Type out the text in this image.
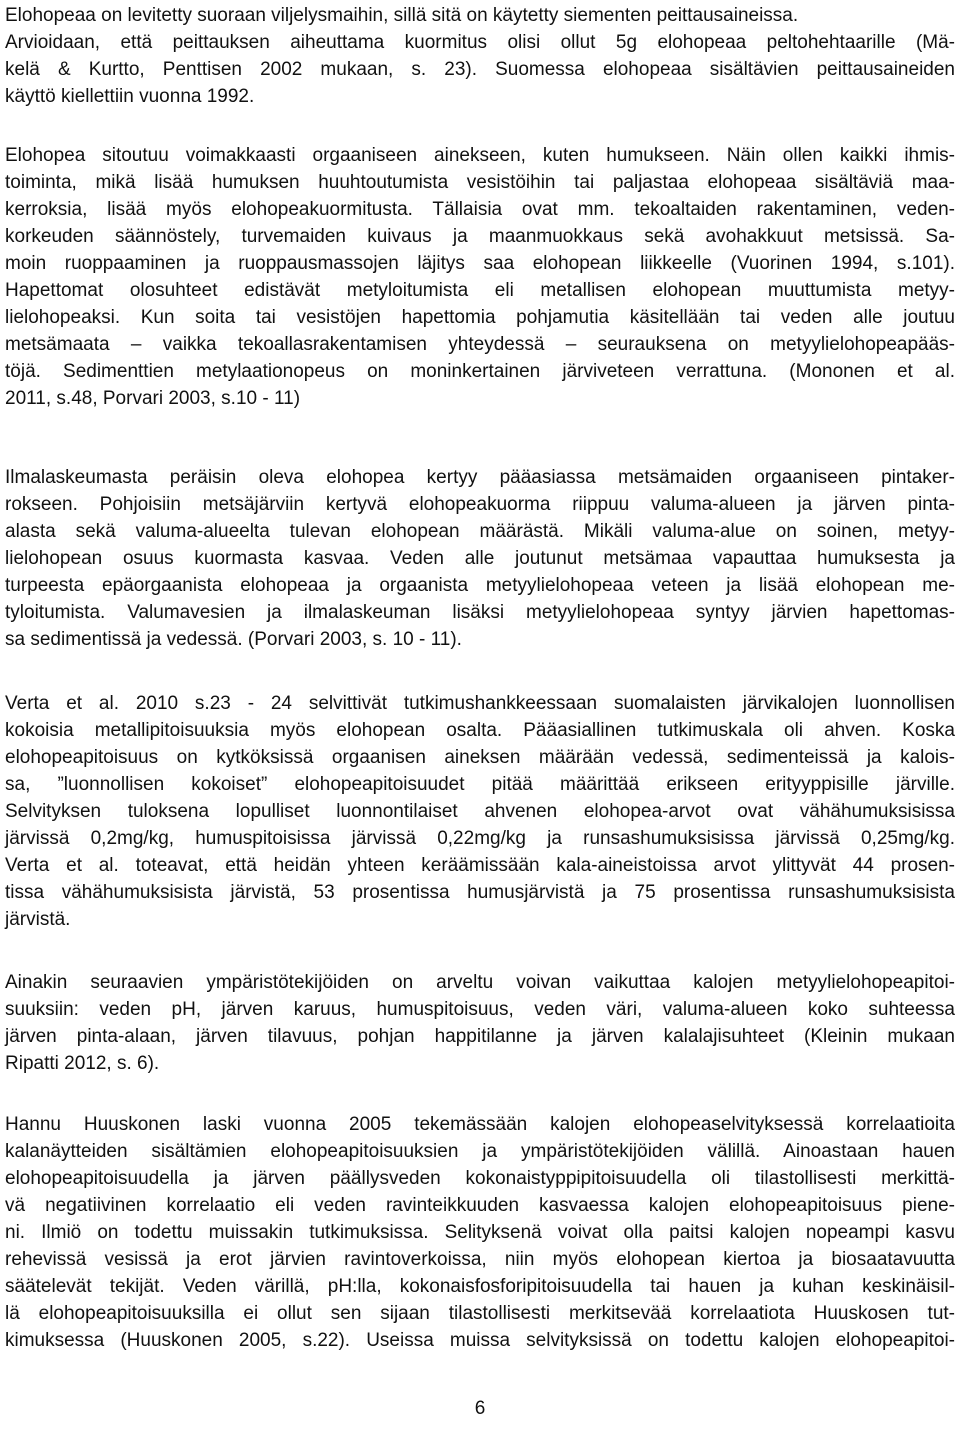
Elohopeaa on levitetty suoraan viljelysmaihin, sillä sitä on käytetty siementen peittausaineissa.
Arvioidaan, että peittauksen aiheuttama kuormitus olisi ollut 5g elohopeaa peltohehtaarille (Mä-
kelä & Kurtto, Penttisen 2002 mukaan, s. 23). Suomessa elohopeaa sisältävien peittausaineiden
käyttö kiellettiin vuonna 1992.
Elohopea sitoutuu voimakkaasti orgaaniseen ainekseen, kuten humukseen. Näin ollen kaikki ihmis-
toiminta, mikä lisää humuksen huuhtoutumista vesistöihin tai paljastaa elohopeaa sisältäviä maa-
kerroksia, lisää myös elohopeakuormitusta. Tällaisia ovat mm. tekoaltaiden rakentaminen, veden-
korkeuden säännöstely, turvemaiden kuivaus ja maanmuokkaus sekä avohakkuut metsissä. Sa-
moin ruoppaaminen ja ruoppausmassojen läjitys saa elohopean liikkeelle (Vuorinen 1994, s.101).
Hapettomat olosuhteet edistävät metyloitumista eli metallisen elohopean muuttumista metyy-
lielohopeaksi. Kun soita tai vesistöjen hapettomia pohjamutia käsitellään tai veden alle joutuu
metsämaata – vaikka tekoallasrakentamisen yhteydessä – seurauksena on metyylielohopeapääs-
töjä. Sedimenttien metylaationopeus on moninkertainen järviveteen verrattuna. (Mononen et al.
2011, s.48, Porvari 2003, s.10 - 11)
Ilmalaskeumasta peräisin oleva elohopea kertyy pääasiassa metsämaiden orgaaniseen pintaker-
rokseen. Pohjoisiin metsäjärviin kertyvä elohopeakuorma riippuu valuma-alueen ja järven pinta-
alasta sekä valuma-alueelta tulevan elohopean määrästä. Mikäli valuma-alue on soinen, metyy-
lielohopean osuus kuormasta kasvaa. Veden alle joutunut metsämaa vapauttaa humuksesta ja
turpeesta epäorgaanista elohopeaa ja orgaanista metyylielohopeaa veteen ja lisää elohopean me-
tyloitumista. Valumavesien ja ilmalaskeuman lisäksi metyylielohopeaa syntyy järvien hapettomas-
sa sedimentissä ja vedessä. (Porvari 2003, s. 10 - 11).
Verta et al. 2010 s.23 - 24 selvittivät tutkimushankkeessaan suomalaisten järvikalojen luonnollisen
kokoisia metallipitoisuuksia myös elohopean osalta. Pääasiallinen tutkimuskala oli ahven. Koska
elohopeapitoisuus on kytköksissä orgaanisen aineksen määrään vedessä, sedimenteissä ja kalois-
sa, ”luonnollisen kokoiset” elohopeapitoisuudet pitää määrittää erikseen erityyppisille järville.
Selvityksen tuloksena lopulliset luonnontilaiset ahvenen elohopea-arvot ovat vähähumuksisissa
järvissä 0,2mg/kg, humuspitoisissa järvissä 0,22mg/kg ja runsashumuksisissa järvissä 0,25mg/kg.
Verta et al. toteavat, että heidän yhteen keräämissään kala-aineistoissa arvot ylittyvät 44 prosen-
tissa vähähumuksisista järvistä, 53 prosentissa humusjärvistä ja 75 prosentissa runsashumuksisista
järvistä.
Ainakin seuraavien ympäristötekijöiden on arveltu voivan vaikuttaa kalojen metyylielohopeapitoi-
suuksiin: veden pH, järven karuus, humuspitoisuus, veden väri, valuma-alueen koko suhteessa
järven pinta-alaan, järven tilavuus, pohjan happitilanne ja järven kalalajisuhteet (Kleinin mukaan
Ripatti 2012, s. 6).
Hannu Huuskonen laski vuonna 2005 tekemässään kalojen elohopeaselvityksessä korrelaatioita
kalanäytteiden sisältämien elohopeapitoisuuksien ja ympäristötekijöiden välillä. Ainoastaan hauen
elohopeapitoisuudella ja järven päällysveden kokonaistyppipitoisuudella oli tilastollisesti merkittä-
vä negatiivinen korrelaatio eli veden ravinteikkuuden kasvaessa kalojen elohopeapitoisuus piene-
ni. Ilmiö on todettu muissakin tutkimuksissa. Selityksenä voivat olla paitsi kalojen nopeampi kasvu
rehevissä vesissä ja erot järvien ravintoverkoissa, niin myös elohopean kiertoa ja biosaatavuutta
säätelevät tekijät. Veden värillä, pH:lla, kokonaisfosforipitoisuudella tai hauen ja kuhan keskinäisil-
lä elohopeapitoisuuksilla ei ollut sen sijaan tilastollisesti merkitsevää korrelaatiota Huuskosen tut-
kimuksessa (Huuskonen 2005, s.22). Useissa muissa selvityksissä on todettu kalojen elohopeapitoi-
6
